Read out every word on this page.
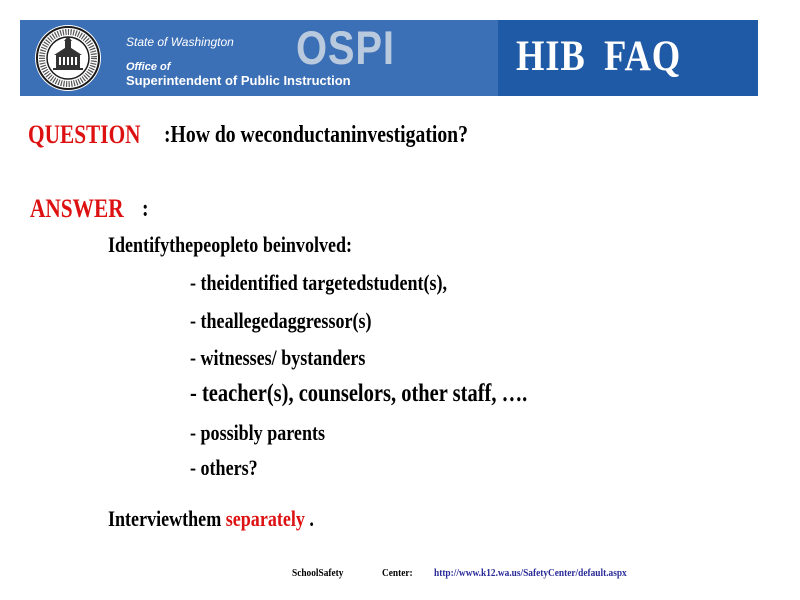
State of Washington
Office of
Superintendent of Public Instruction
OSPI	HIB FAQ
QUESTION :How do weconductaninvestigation?
ANSWER :
Identifythepeopleto beinvolved:
- theidentified targetedstudent(s),
- theallegedaggressor(s)
- witnesses/ bystanders
- teacher(s), counselors, other staff, ….
- possibly parents
- others?
Interviewthem separately .
SchoolSafety	Center: http://www.k12.wa.us/SafetyCenter/default.aspx
